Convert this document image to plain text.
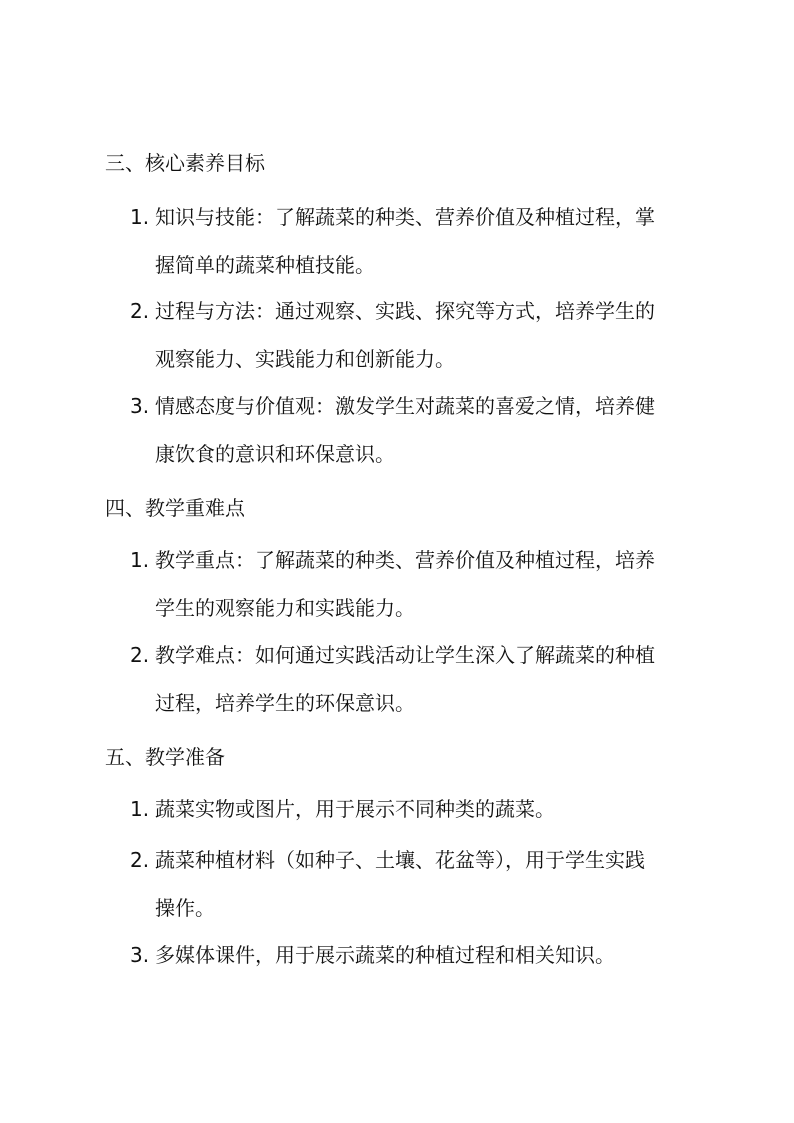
三、核心素养目标
1. 知识与技能：了解蔬菜的种类、营养价值及种植过程，掌
握简单的蔬菜种植技能。
2. 过程与方法：通过观察、实践、探究等方式，培养学生的
观察能力、实践能力和创新能力。
3. 情感态度与价值观：激发学生对蔬菜的喜爱之情，培养健
康饮食的意识和环保意识。
四、教学重难点
1. 教学重点：了解蔬菜的种类、营养价值及种植过程，培养
学生的观察能力和实践能力。
2. 教学难点：如何通过实践活动让学生深入了解蔬菜的种植
过程，培养学生的环保意识。
五、教学准备
1. 蔬菜实物或图片，用于展示不同种类的蔬菜。
2. 蔬菜种植材料（如种子、土壤、花盆等），用于学生实践
操作。
3. 多媒体课件，用于展示蔬菜的种植过程和相关知识。
